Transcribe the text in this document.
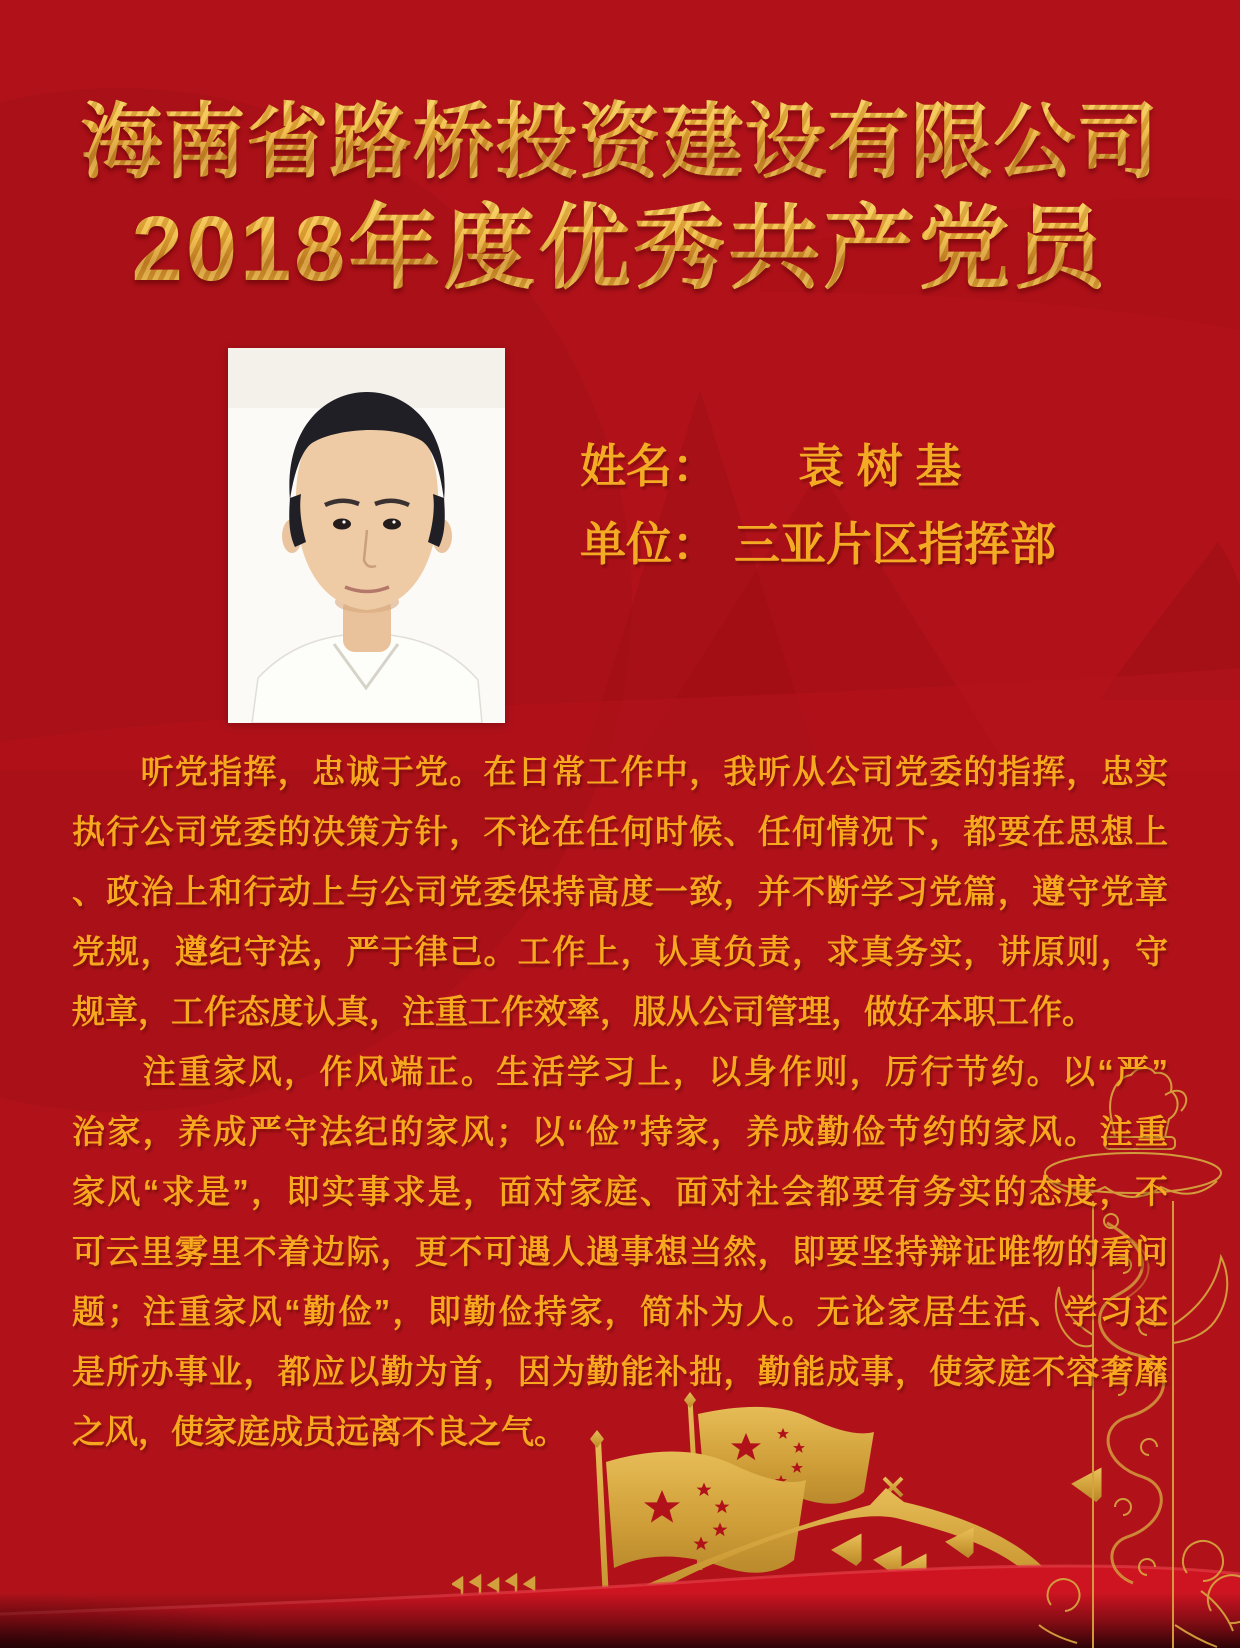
海南省路桥投资建设有限公司
2018年度优秀共产党员
姓名： 袁 树 基
单位： 三亚片区指挥部
　　听党指挥，忠诚于党。在日常工作中，我听从公司党委的指挥，忠实
执行公司党委的决策方针，不论在任何时候、任何情况下，都要在思想上
、政治上和行动上与公司党委保持高度一致，并不断学习党篇，遵守党章
党规，遵纪守法，严于律己。工作上，认真负责，求真务实，讲原则，守
规章，工作态度认真，注重工作效率，服从公司管理，做好本职工作。
　　注重家风，作风端正。生活学习上，以身作则，厉行节约。以“严”
治家，养成严守法纪的家风；以“俭”持家，养成勤俭节约的家风。注重
家风“求是”，即实事求是，面对家庭、面对社会都要有务实的态度，不
可云里雾里不着边际，更不可遇人遇事想当然，即要坚持辩证唯物的看问
题；注重家风“勤俭”，即勤俭持家，简朴为人。无论家居生活、学习还
是所办事业，都应以勤为首，因为勤能补拙，勤能成事，使家庭不容奢靡
之风，使家庭成员远离不良之气。
